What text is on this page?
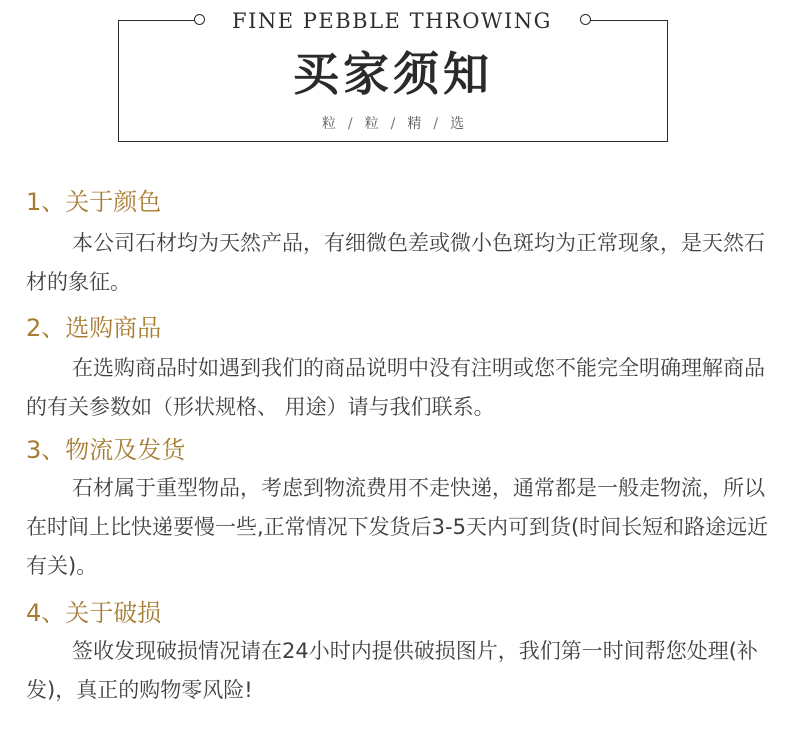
FINE PEBBLE THROWING
买家须知
粒 / 粒 / 精 / 选
1、关于颜色

本公司石材均为天然产品，有细微色差或微小色斑均为正常现象，是天然石材的象征。

2、选购商品

在选购商品时如遇到我们的商品说明中没有注明或您不能完全明确理解商品的有关参数如（形状规格、 用途）请与我们联系。

3、物流及发货

石材属于重型物品，考虑到物流费用不走快递，通常都是一般走物流，所以在时间上比快递要慢一些,正常情况下发货后3-5天内可到货(时间长短和路途远近有关)。

4、关于破损

签收发现破损情况请在24小时内提供破损图片，我们第一时间帮您处理(补发)，真正的购物零风险!
